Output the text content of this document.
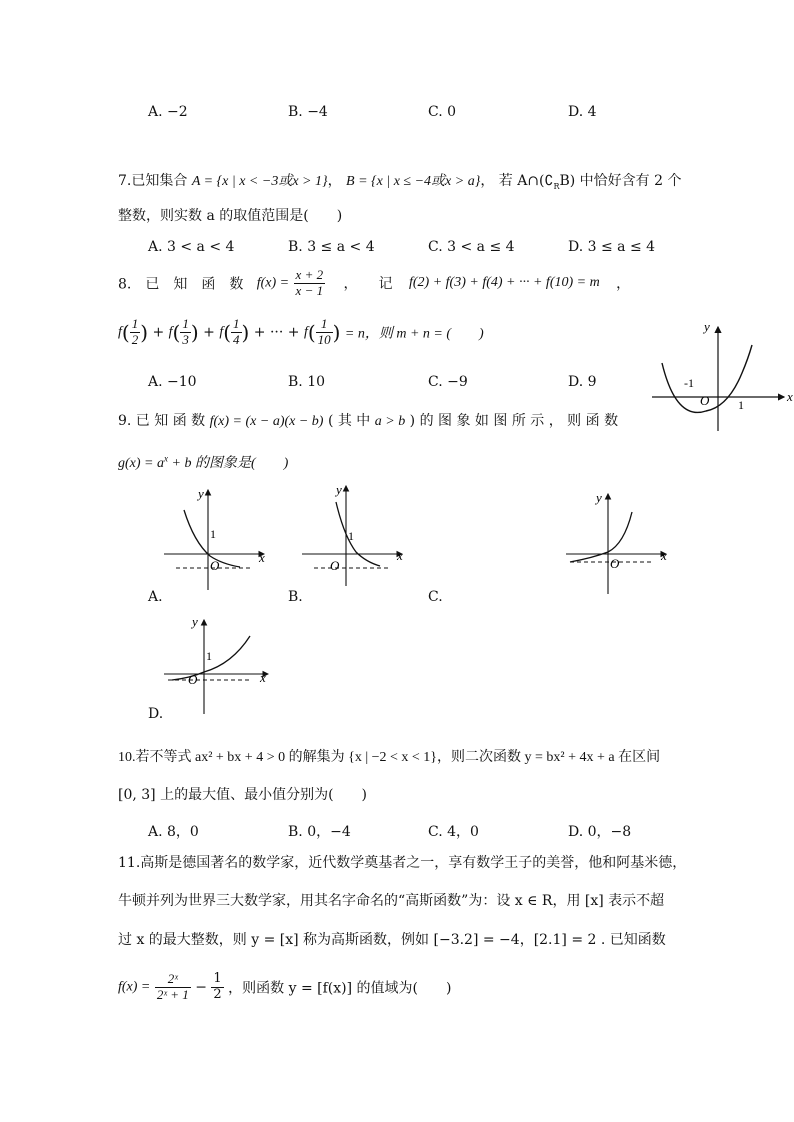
A. −2	B. −4	C. 0	D. 4
7.已知集合 A = {x | x < −3或x > 1}， B = {x | x ≤ −4或x > a}， 若 $A\cap(∁_RB)$ 中恰好含有 2 个
整数，则实数 a 的取值范围是(　　)
A. 3 < a < 4	B. 3 ≤ a < 4	C. 3 < a ≤ 4	D. 3 ≤ a ≤ 4
8.　已　知　函　数 $f(x) = \frac{x + 2}{x - 1}$ ，　　记 f(2) + f(3) + f(4) + ··· + f(10) = m ，
$f( \frac{1}{2}$ ) + $f( \frac{1}{3}$ ) + $f( \frac{1}{4}$ ) + ··· + $f( \frac{1}{10}$ ) = n，则 m + n = (　　)
A. −10	B. 10	C. −9	D. 9
y
x
-1
O 1
9. 已 知 函 数 f(x) = (x − a)(x − b) ( 其 中 a > b ) 的 图 象 如 图 所 示 ， 则 函 数
$g(x) = a^x + b$ 的图象是(　　)
y
x
1
O
A.
y
x
1
O
B.
y
x
O
C.
y
x
1
O
D.
10.若不等式 ax² + bx + 4 > 0 的解集为 {x | −2 < x < 1}，则二次函数 y = bx² + 4x + a 在区间
[0, 3] 上的最大值、最小值分别为(　　)
A. 8，0	B. 0，−4	C. 4，0	D. 0，−8
11.高斯是德国著名的数学家，近代数学奠基者之一，享有数学王子的美誉，他和阿基米德，
牛顿并列为世界三大数学家，用其名字命名的“高斯函数”为：设 x ∈ R，用 [x] 表示不超
过 x 的最大整数，则 y = [x] 称为高斯函数，例如 [−3.2] = −4，[2.1] = 2 . 已知函数
$f(x) = \frac{\text{2ˣ}}{\text{2ˣ + 1}} - \frac{1}{2}$ ，则函数 y = [f(x)] 的值域为(　　)
